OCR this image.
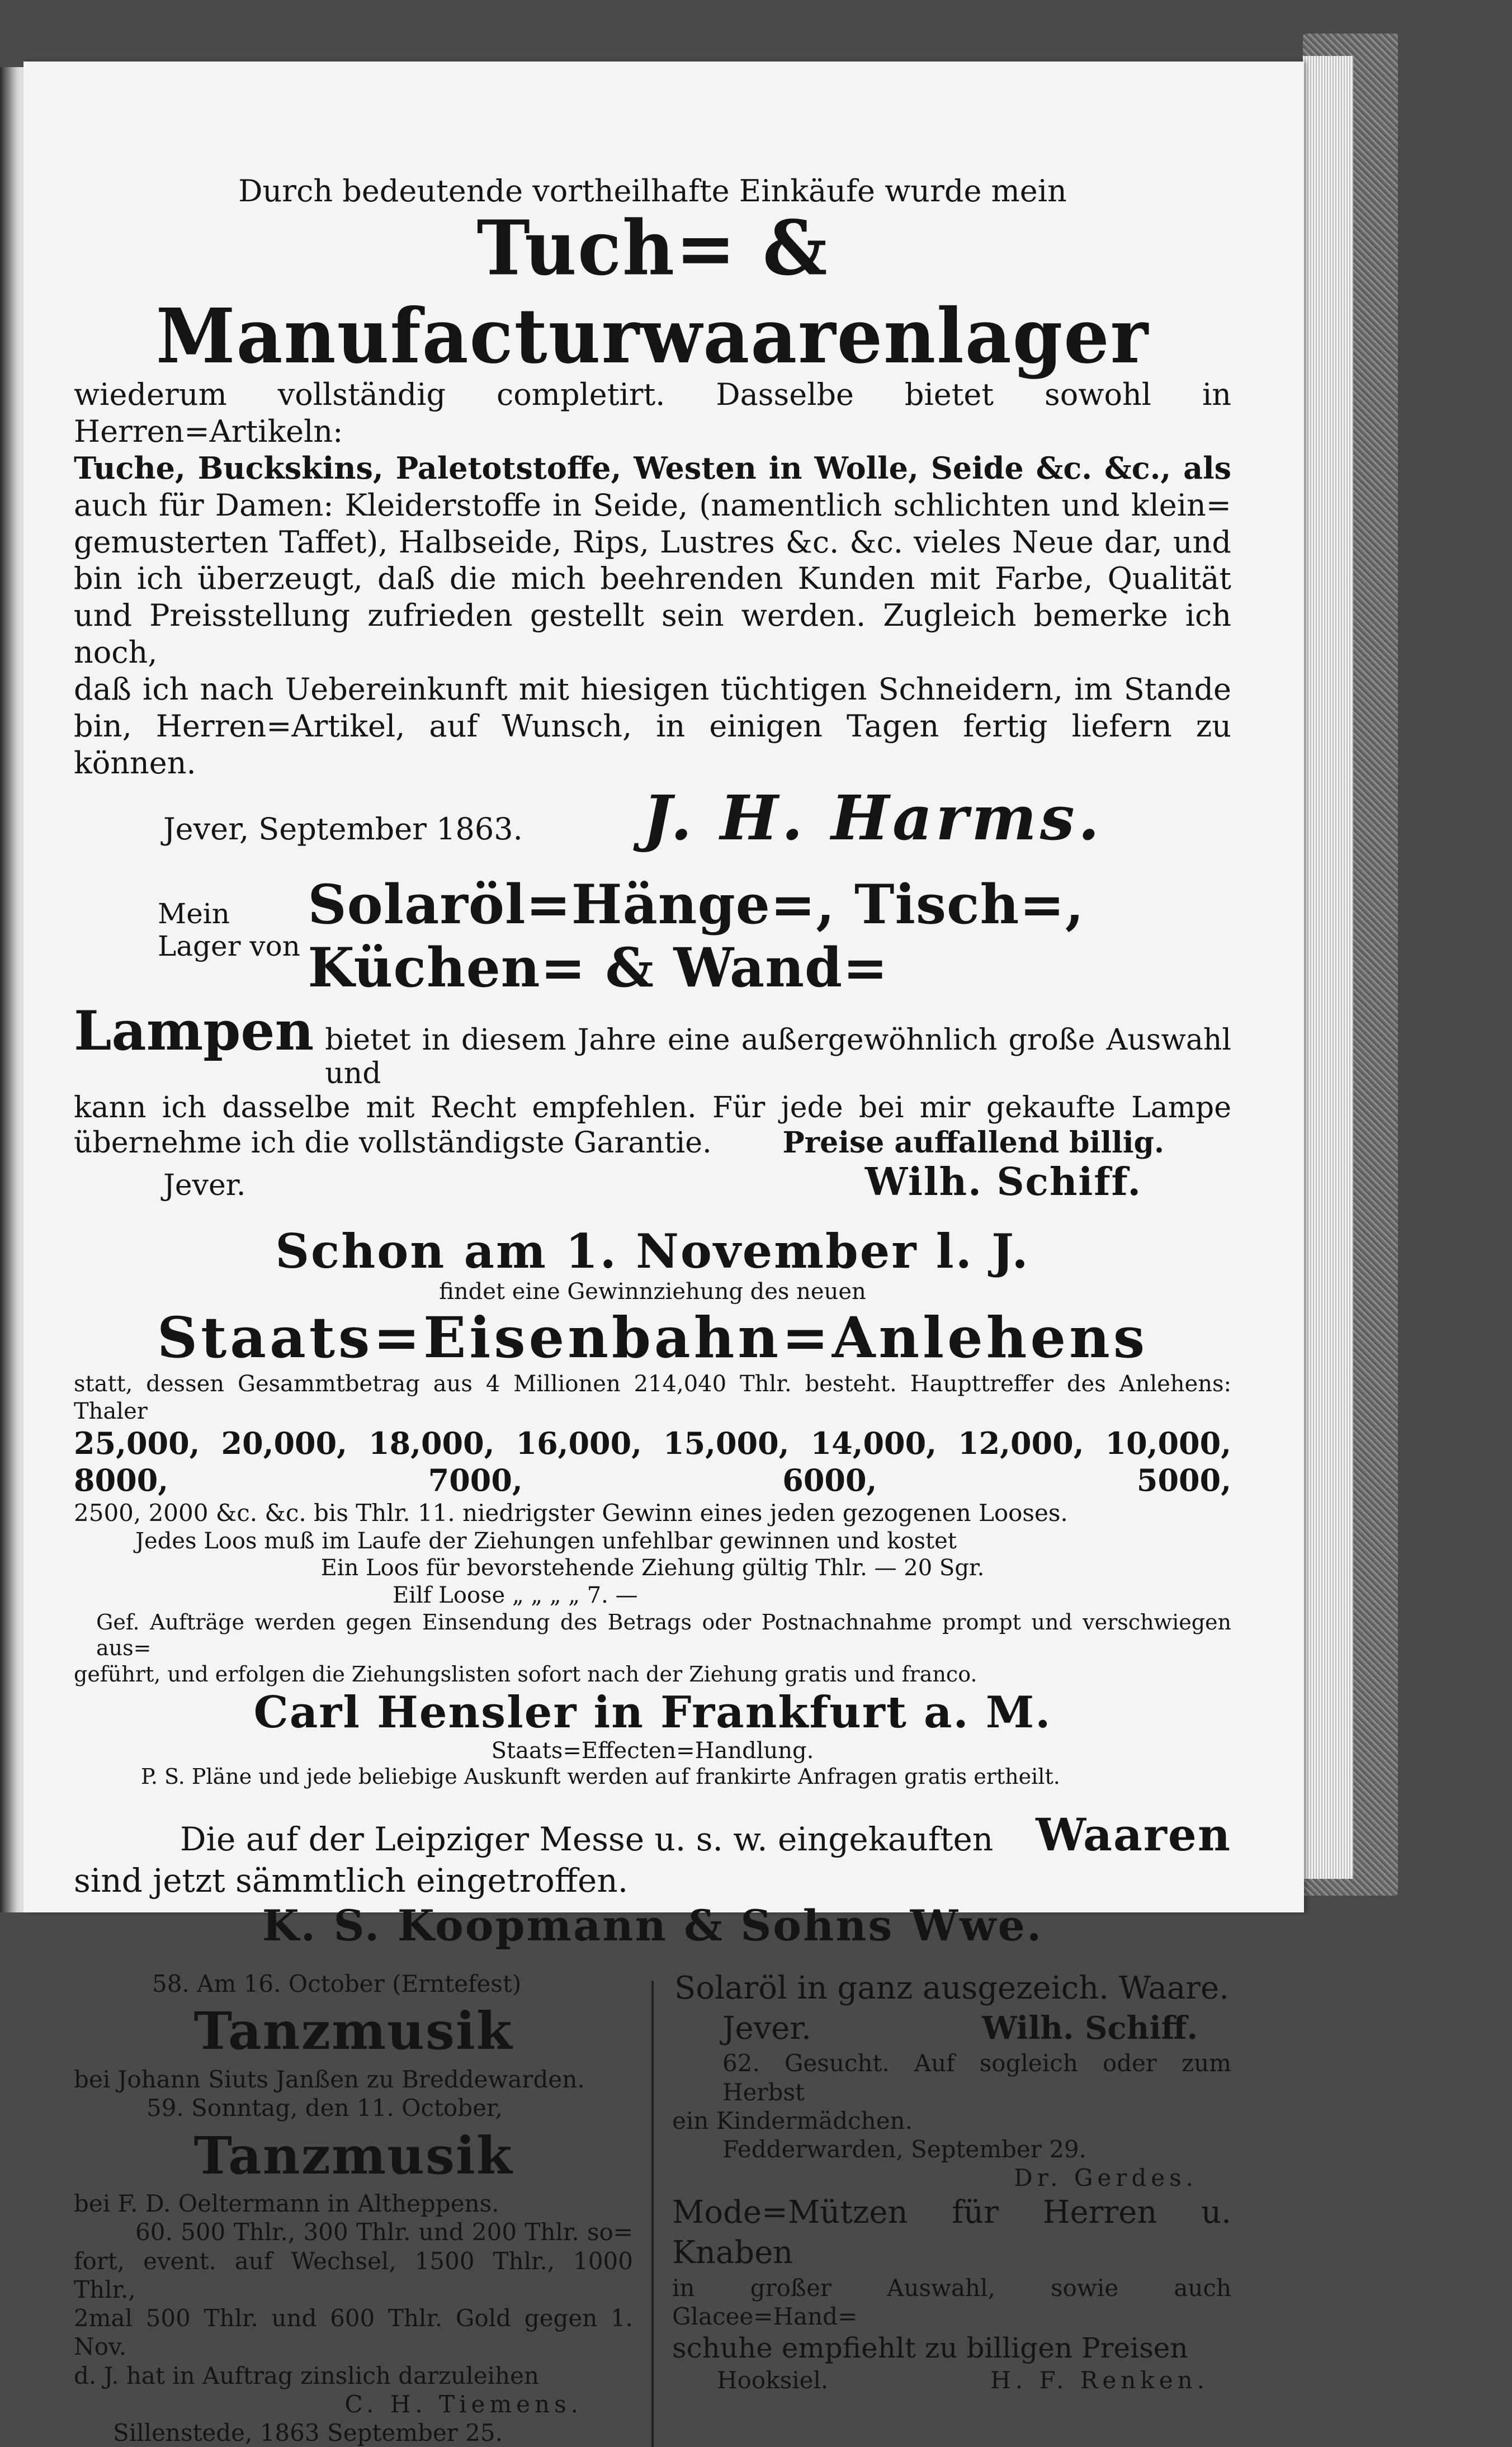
Durch bedeutende vortheilhafte Einkäufe wurde mein
Tuch= & Manufacturwaarenlager
wiederum vollständig completirt. Dasselbe bietet sowohl in Herren=Artikeln:
Tuche, Buckskins, Paletotstoffe, Westen in Wolle, Seide &c. &c., als
auch für Damen: Kleiderstoffe in Seide, (namentlich schlichten und klein=
gemusterten Taffet), Halbseide, Rips, Lustres &c. &c. vieles Neue dar, und
bin ich überzeugt, daß die mich beehrenden Kunden mit Farbe, Qualität
und Preisstellung zufrieden gestellt sein werden. Zugleich bemerke ich noch,
daß ich nach Uebereinkunft mit hiesigen tüchtigen Schneidern, im Stande
bin, Herren=Artikel, auf Wunsch, in einigen Tagen fertig liefern zu können.
Jever, September 1863. J. H. Harms.
Mein Lager von
Solaröl=Hänge=, Tisch=, Küchen= & Wand=
Lampen bietet in diesem Jahre eine außergewöhnlich große Auswahl und
kann ich dasselbe mit Recht empfehlen. Für jede bei mir gekaufte Lampe
übernehme ich die vollständigste Garantie. Preise auffallend billig.
Jever.	Wilh. Schiff.
Schon am 1. November l. J.
findet eine Gewinnziehung des neuen
Staats=Eisenbahn=Anlehens
statt, dessen Gesammtbetrag aus 4 Millionen 214,040 Thlr. besteht. Haupttreffer des Anlehens: Thaler
25,000, 20,000, 18,000, 16,000, 15,000, 14,000, 12,000, 10,000, 8000, 7000, 6000, 5000,
2500, 2000 &c. &c. bis Thlr. 11. niedrigster Gewinn eines jeden gezogenen Looses.
Jedes Loos muß im Laufe der Ziehungen unfehlbar gewinnen und kostet
Ein Loos für bevorstehende Ziehung gültig Thlr. — 20 Sgr.
Eilf Loose „ „ „ „ 7. —
Gef. Aufträge werden gegen Einsendung des Betrags oder Postnachnahme prompt und verschwiegen aus=
geführt, und erfolgen die Ziehungslisten sofort nach der Ziehung gratis und franco.
Carl Hensler in Frankfurt a. M.
Staats=Effecten=Handlung.
P. S. Pläne und jede beliebige Auskunft werden auf frankirte Anfragen gratis ertheilt.
Die auf der Leipziger Messe u. s. w. eingekauften Waaren
sind jetzt sämmtlich eingetroffen.
K. S. Koopmann & Sohns Wwe.
58. Am 16. October (Erntefest)
Tanzmusik
bei Johann Siuts Janßen zu Breddewarden.
59. Sonntag, den 11. October,
Tanzmusik
bei F. D. Oeltermann in Altheppens.
60. 500 Thlr., 300 Thlr. und 200 Thlr. so=
fort, event. auf Wechsel, 1500 Thlr., 1000 Thlr.,
2mal 500 Thlr. und 600 Thlr. Gold gegen 1. Nov.
d. J. hat in Auftrag zinslich darzuleihen
C. H. Tiemens.
Sillenstede, 1863 September 25.
Solaröl in ganz ausgezeich. Waare.
Jever.	Wilh. Schiff.
62. Gesucht. Auf sogleich oder zum Herbst
ein Kindermädchen.
Fedderwarden, September 29.
Dr. Gerdes.
Mode=Mützen für Herren u. Knaben
in großer Auswahl, sowie auch Glacee=Hand=
schuhe empfiehlt zu billigen Preisen
Hooksiel.	H. F. Renken.
